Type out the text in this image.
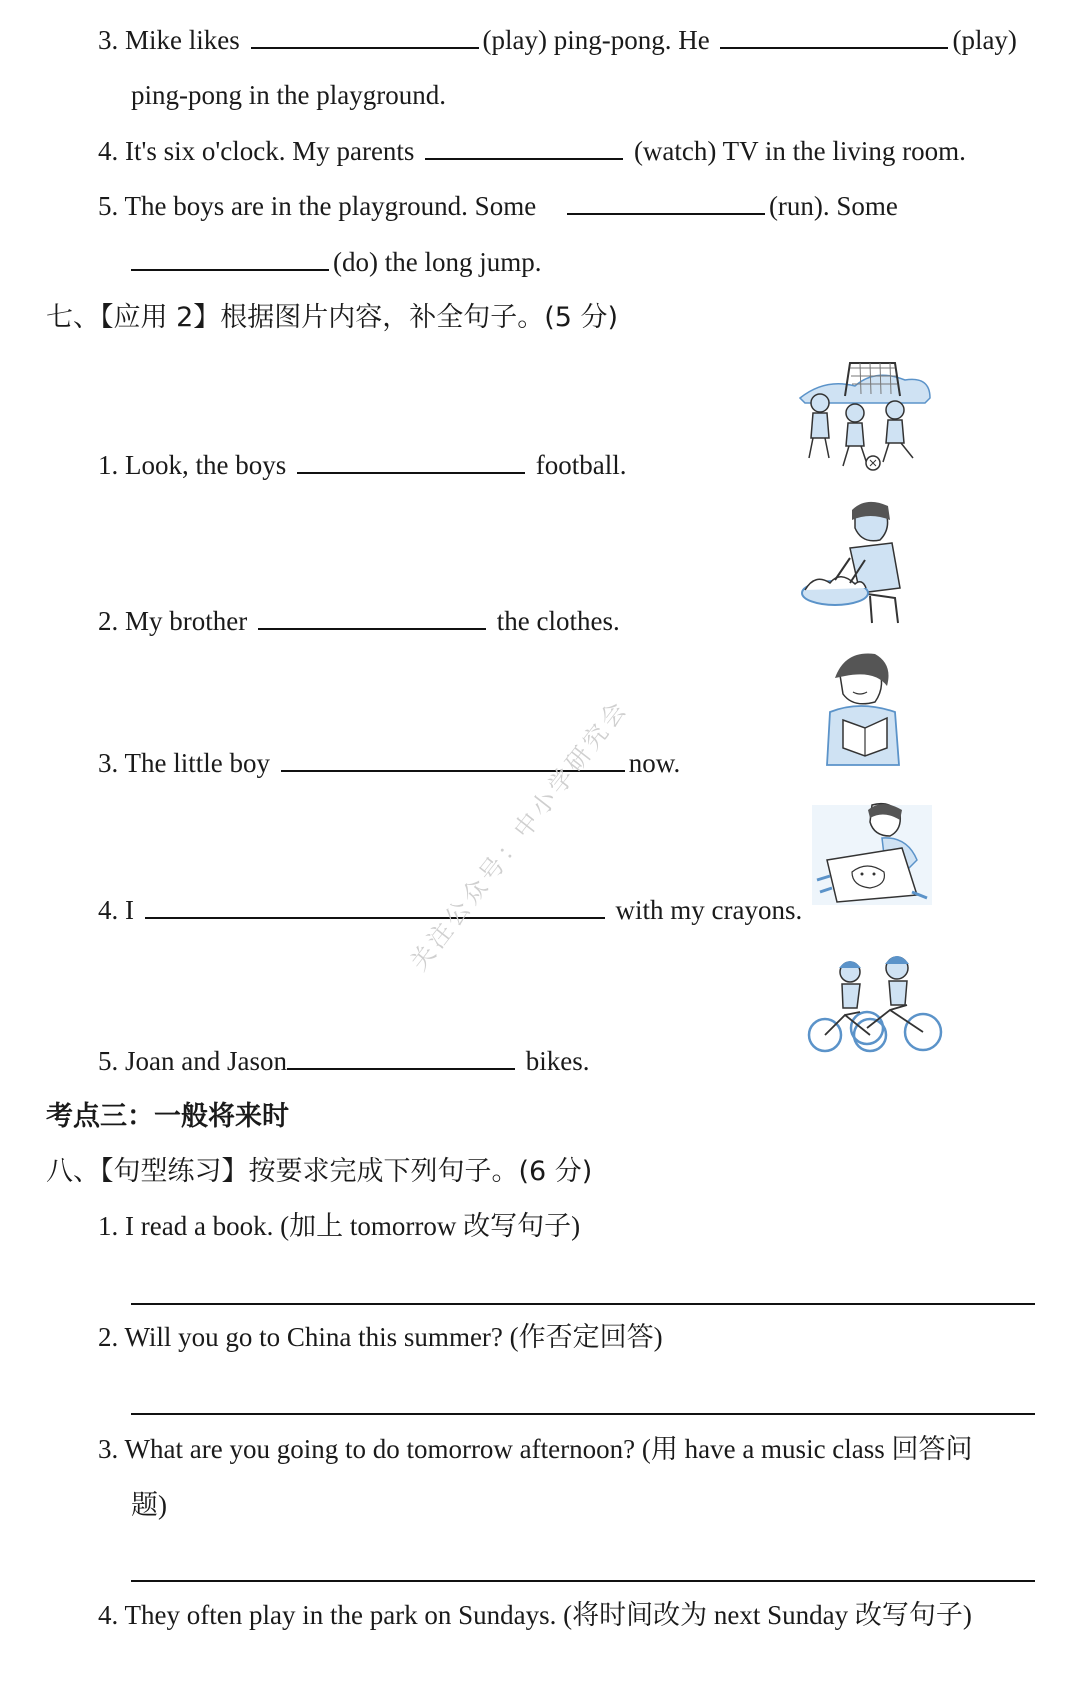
3. Mike likes	(play) ping-pong. He	(play)
ping-pong in the playground.
4. It's six o'clock. My parents	(watch) TV in the living room.
5. The boys are in the playground. Some	(run). Some
(do) the long jump.
七、【应用 2】根据图片内容，补全句子。(5 分)
1. Look, the boys	football.
2. My brother	the clothes.
3. The little boy	now.
4. I	with my crayons.
5. Joan and Jason	bikes.
考点三：一般将来时
八、【句型练习】按要求完成下列句子。(6 分)
1. I read a book. (加上 tomorrow 改写句子)
2. Will you go to China this summer? (作否定回答)
3. What are you going to do tomorrow afternoon? (用 have a music class 回答问
题)
4. They often play in the park on Sundays. (将时间改为 next Sunday 改写句子)
关注公众号：中小学研究会
